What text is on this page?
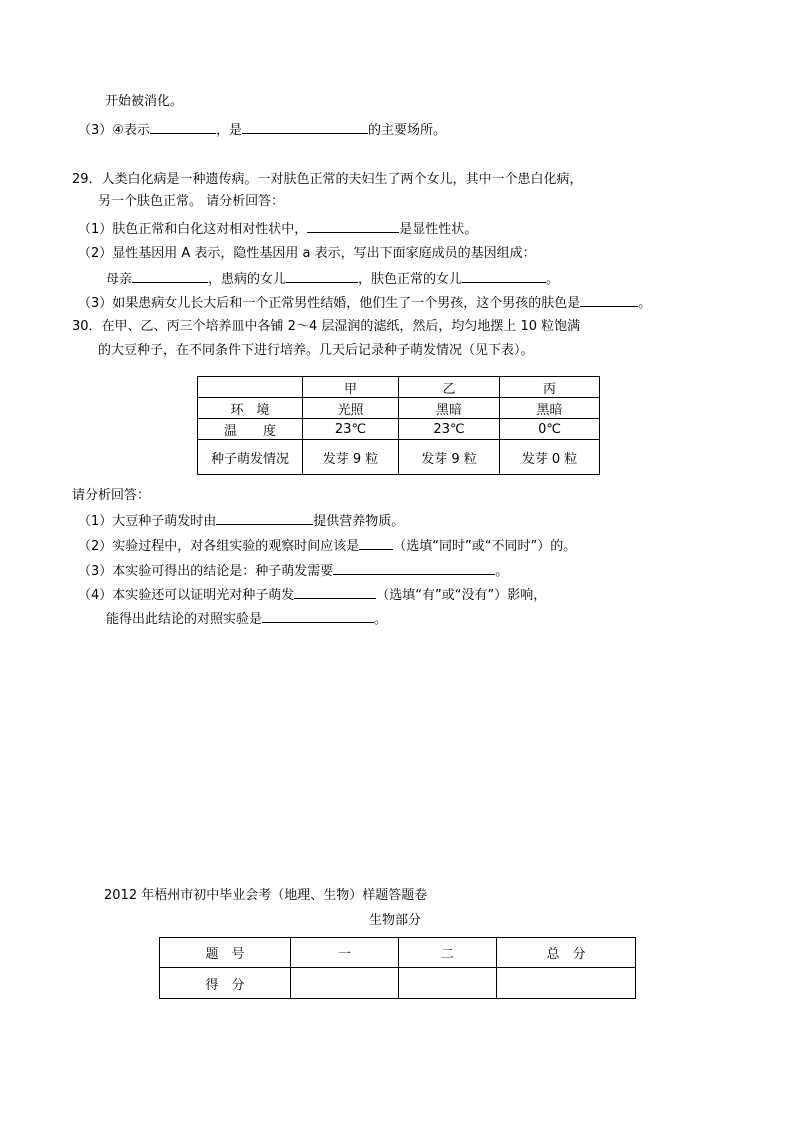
开始被消化。
（3）④表示	，是	的主要场所。
29．人类白化病是一种遗传病。一对肤色正常的夫妇生了两个女儿，其中一个患白化病，
另一个肤色正常。 请分析回答：
（1）肤色正常和白化这对相对性状中，	是显性性状。
（2）显性基因用 A 表示，隐性基因用 a 表示，写出下面家庭成员的基因组成：
母亲	，患病的女儿	，肤色正常的女儿	。
（3）如果患病女儿长大后和一个正常男性结婚，他们生了一个男孩，这个男孩的肤色是	。
30．在甲、乙、丙三个培养皿中各铺 2～4 层湿润的滤纸，然后，均匀地摆上 10 粒饱满
的大豆种子，在不同条件下进行培养。几天后记录种子萌发情况（见下表）。
	甲	乙	丙
环　境	光照	黑暗	黑暗
温　　度	23℃	23℃	0℃
种子萌发情况	发芽 9 粒	发芽 9 粒	发芽 0 粒
请分析回答：
（1）大豆种子萌发时由	提供营养物质。
（2）实验过程中，对各组实验的观察时间应该是	（选填“同时”或“不同时”）的。
（3）本实验可得出的结论是：种子萌发需要	。
（4）本实验还可以证明光对种子萌发	（选填“有”或“没有”）影响，
能得出此结论的对照实验是	。
2012 年梧州市初中毕业会考（地理、生物）样题答题卷
生物部分
题　号	一	二	总　分
得　分			
